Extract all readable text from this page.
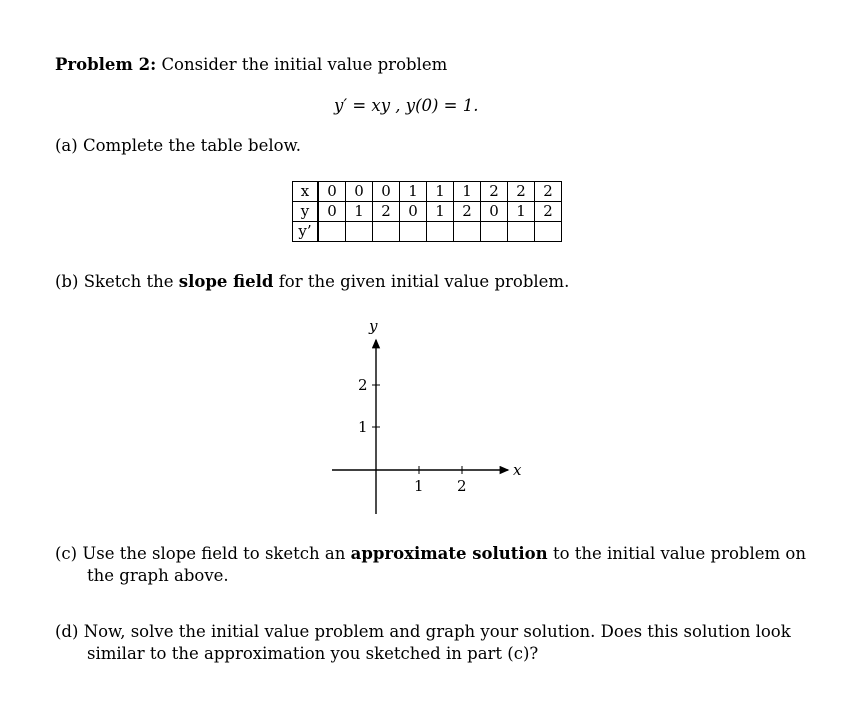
Problem 2: Consider the initial value problem
y′ = xy , y(0) = 1.
(a) Complete the table below.
x	0	0	0	1	1	1	2	2	2
y	0	1	2	0	1	2	0	1	2
y’									
(b) Sketch the slope field for the given initial value problem.
y
x
2
1
1 2
(c) Use the slope field to sketch an approximate solution to the initial value problem on
the graph above.
(d) Now, solve the initial value problem and graph your solution. Does this solution look
similar to the approximation you sketched in part (c)?
